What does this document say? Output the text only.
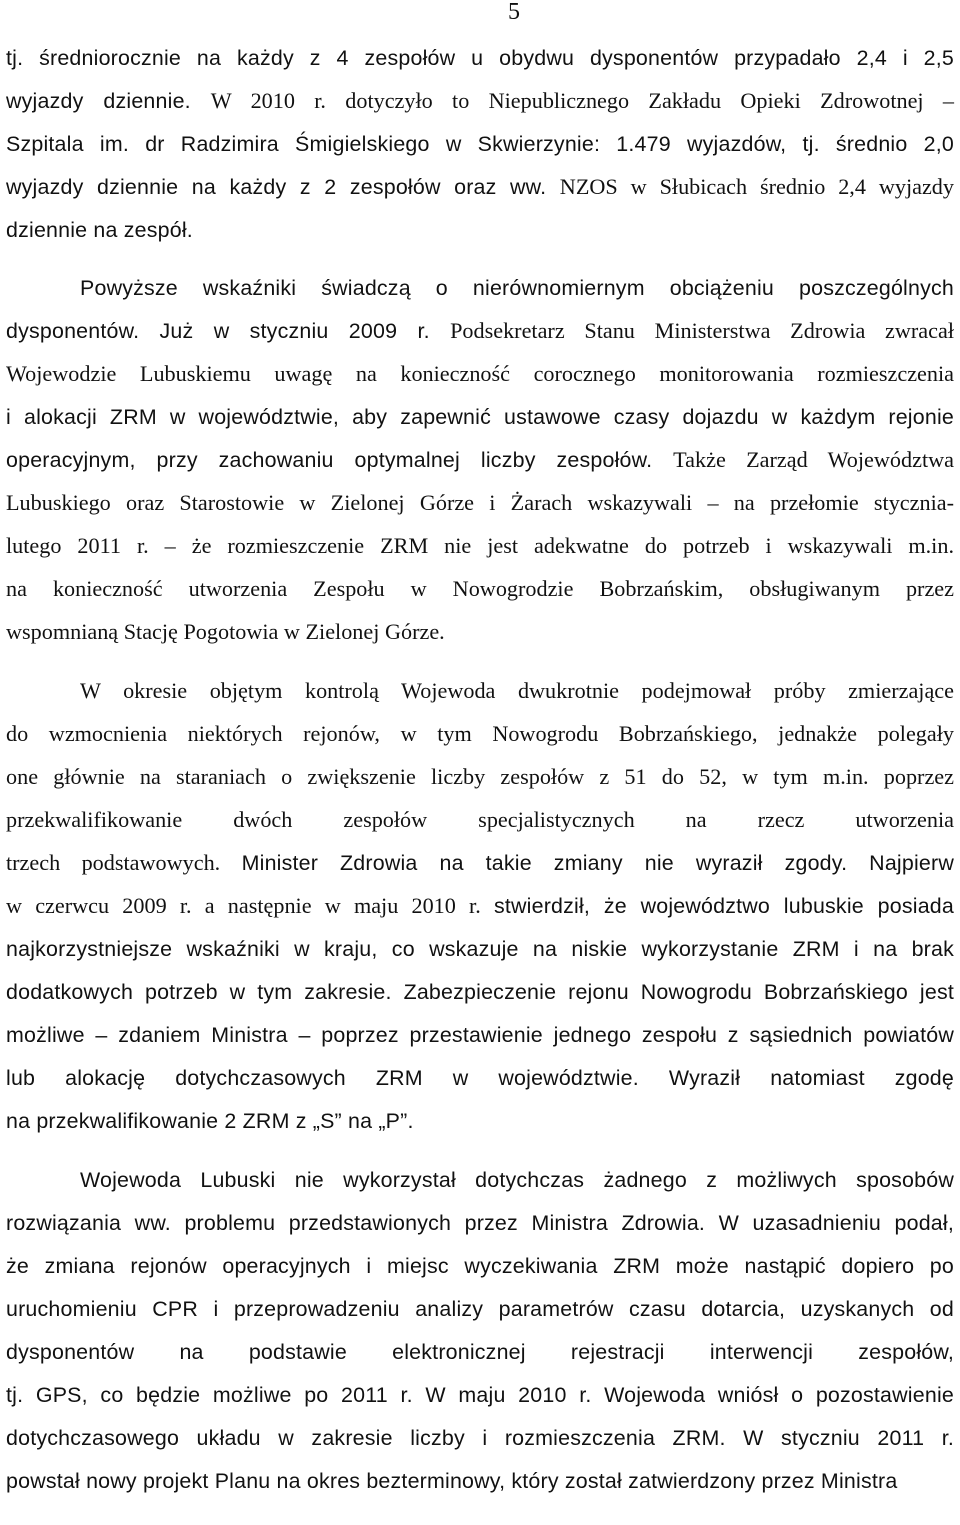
5
tj. średniorocznie na każdy z 4 zespołów u obydwu dysponentów przypadało 2,4 i 2,5
wyjazdy dziennie. W 2010 r. dotyczyło to Niepublicznego Zakładu Opieki Zdrowotnej –
Szpitala im. dr Radzimira Śmigielskiego w Skwierzynie: 1.479 wyjazdów, tj. średnio 2,0
wyjazdy dziennie na każdy z 2 zespołów oraz ww. NZOS w Słubicach średnio 2,4 wyjazdy
dziennie na zespół.
Powyższe wskaźniki świadczą o nierównomiernym obciążeniu poszczególnych
dysponentów. Już w styczniu 2009 r. Podsekretarz Stanu Ministerstwa Zdrowia zwracał
Wojewodzie Lubuskiemu uwagę na konieczność corocznego monitorowania rozmieszczenia
i alokacji ZRM w województwie, aby zapewnić ustawowe czasy dojazdu w każdym rejonie
operacyjnym, przy zachowaniu optymalnej liczby zespołów. Także Zarząd Województwa
Lubuskiego oraz Starostowie w Zielonej Górze i Żarach wskazywali – na przełomie stycznia-
lutego 2011 r. – że rozmieszczenie ZRM nie jest adekwatne do potrzeb i wskazywali m.in.
na konieczność utworzenia Zespołu w Nowogrodzie Bobrzańskim, obsługiwanym przez
wspomnianą Stację Pogotowia w Zielonej Górze.
W okresie objętym kontrolą Wojewoda dwukrotnie podejmował próby zmierzające
do wzmocnienia niektórych rejonów, w tym Nowogrodu Bobrzańskiego, jednakże polegały
one głównie na staraniach o zwiększenie liczby zespołów z 51 do 52, w tym m.in. poprzez
przekwalifikowanie dwóch zespołów specjalistycznych na rzecz utworzenia
trzech podstawowych. Minister Zdrowia na takie zmiany nie wyraził zgody. Najpierw
w czerwcu 2009 r. a następnie w maju 2010 r. stwierdził, że województwo lubuskie posiada
najkorzystniejsze wskaźniki w kraju, co wskazuje na niskie wykorzystanie ZRM i na brak
dodatkowych potrzeb w tym zakresie. Zabezpieczenie rejonu Nowogrodu Bobrzańskiego jest
możliwe – zdaniem Ministra – poprzez przestawienie jednego zespołu z sąsiednich powiatów
lub alokację dotychczasowych ZRM w województwie. Wyraził natomiast zgodę
na przekwalifikowanie 2 ZRM z „S” na „P”.
Wojewoda Lubuski nie wykorzystał dotychczas żadnego z możliwych sposobów
rozwiązania ww. problemu przedstawionych przez Ministra Zdrowia. W uzasadnieniu podał,
że zmiana rejonów operacyjnych i miejsc wyczekiwania ZRM może nastąpić dopiero po
uruchomieniu CPR i przeprowadzeniu analizy parametrów czasu dotarcia, uzyskanych od
dysponentów na podstawie elektronicznej rejestracji interwencji zespołów,
tj. GPS, co będzie możliwe po 2011 r. W maju 2010 r. Wojewoda wniósł o pozostawienie
dotychczasowego układu w zakresie liczby i rozmieszczenia ZRM. W styczniu 2011 r.
powstał nowy projekt Planu na okres bezterminowy, który został zatwierdzony przez Ministra
